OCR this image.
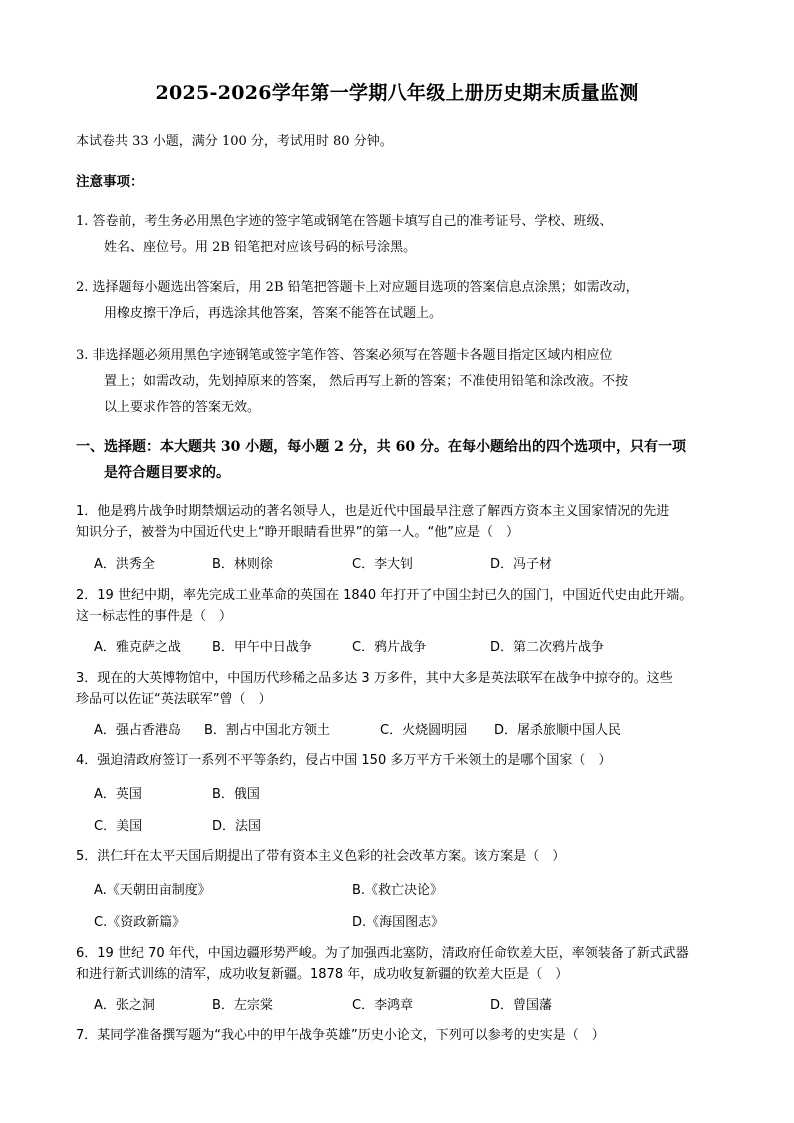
2025-2026学年第一学期八年级上册历史期末质量监测
本试卷共 33 小题，满分 100 分，考试用时 80 分钟。
注意事项：
1. 答卷前，考生务必用黑色字迹的签字笔或钢笔在答题卡填写自己的准考证号、学校、班级、
姓名、座位号。用 2B 铅笔把对应该号码的标号涂黑。
2. 选择题每小题选出答案后，用 2B 铅笔把答题卡上对应题目选项的答案信息点涂黑；如需改动，
用橡皮擦干净后，再选涂其他答案，答案不能答在试题上。
3. 非选择题必须用黑色字迹钢笔或签字笔作答、答案必须写在答题卡各题目指定区域内相应位
置上；如需改动，先划掉原来的答案， 然后再写上新的答案；不准使用铅笔和涂改液。不按
以上要求作答的答案无效。
一、选择题：本大题共 30 小题，每小题 2 分，共 60 分。在每小题给出的四个选项中，只有一项
是符合题目要求的。
1．他是鸦片战争时期禁烟运动的著名领导人，也是近代中国最早注意了解西方资本主义国家情况的先进
知识分子，被誉为中国近代史上“睁开眼睛看世界”的第一人。“他”应是（　）
A．洪秀全	B．林则徐	C．李大钊	D．冯子材
2．19 世纪中期，率先完成工业革命的英国在 1840 年打开了中国尘封已久的国门，中国近代史由此开端。
这一标志性的事件是（　）
A．雅克萨之战 B．甲午中日战争	C．鸦片战争	D．第二次鸦片战争
3．现在的大英博物馆中，中国历代珍稀之品多达 3 万多件，其中大多是英法联军在战争中掠夺的。这些
珍品可以佐证“英法联军”曾（　）
A．强占香港岛 B．割占中国北方领土	C．火烧圆明园 D．屠杀旅顺中国人民
4．强迫清政府签订一系列不平等条约，侵占中国 150 多万平方千米领土的是哪个国家（　）
A．英国	B．俄国
C．美国	D．法国
5．洪仁玕在太平天国后期提出了带有资本主义色彩的社会改革方案。该方案是（　）
A.《天朝田亩制度》	B.《救亡决论》
C.《资政新篇》	D.《海国图志》
6．19 世纪 70 年代，中国边疆形势严峻。为了加强西北塞防，清政府任命钦差大臣，率领装备了新式武器
和进行新式训练的清军，成功收复新疆。1878 年，成功收复新疆的钦差大臣是（　）
A．张之洞	B．左宗棠	C．李鸿章	D．曾国藩
7．某同学准备撰写题为“我心中的甲午战争英雄”历史小论文，下列可以参考的史实是（　）
